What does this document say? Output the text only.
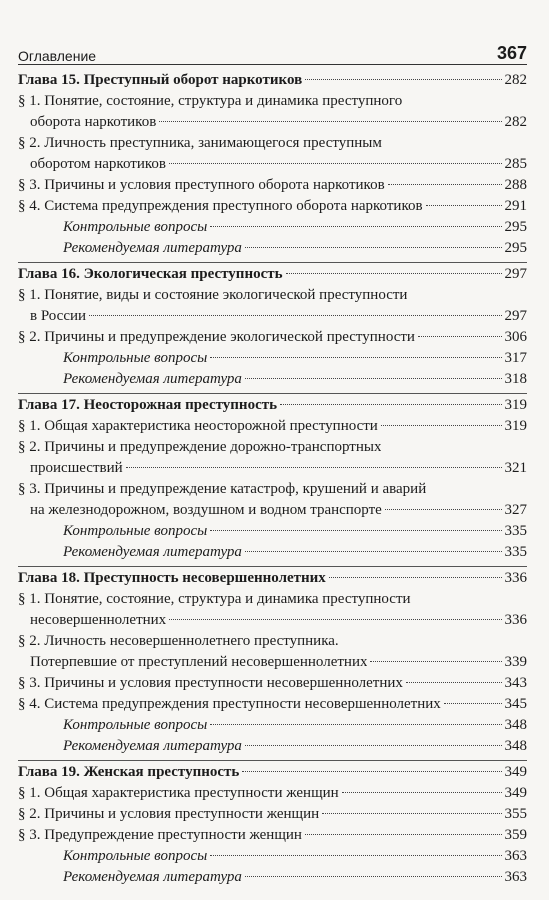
Оглавление	367
Глава 15. Преступный оборот наркотиков	282
§ 1. Понятие, состояние, структура и динамика преступного
оборота наркотиков	282
§ 2. Личность преступника, занимающегося преступным
оборотом наркотиков	285
§ 3. Причины и условия преступного оборота наркотиков	288
§ 4. Система предупреждения преступного оборота наркотиков	291
Контрольные вопросы	295
Рекомендуемая литература	295
Глава 16. Экологическая преступность	297
§ 1. Понятие, виды и состояние экологической преступности
в России	297
§ 2. Причины и предупреждение экологической преступности	306
Контрольные вопросы	317
Рекомендуемая литература	318
Глава 17. Неосторожная преступность	319
§ 1. Общая характеристика неосторожной преступности	319
§ 2. Причины и предупреждение дорожно-транспортных
происшествий	321
§ 3. Причины и предупреждение катастроф, крушений и аварий
на железнодорожном, воздушном и водном транспорте	327
Контрольные вопросы	335
Рекомендуемая литература	335
Глава 18. Преступность несовершеннолетних	336
§ 1. Понятие, состояние, структура и динамика преступности
несовершеннолетних	336
§ 2. Личность несовершеннолетнего преступника.
Потерпевшие от преступлений несовершеннолетних	339
§ 3. Причины и условия преступности несовершеннолетних	343
§ 4. Система предупреждения преступности несовершеннолетних	345
Контрольные вопросы	348
Рекомендуемая литература	348
Глава 19. Женская преступность	349
§ 1. Общая характеристика преступности женщин	349
§ 2. Причины и условия преступности женщин	355
§ 3. Предупреждение преступности женщин	359
Контрольные вопросы	363
Рекомендуемая литература	363
